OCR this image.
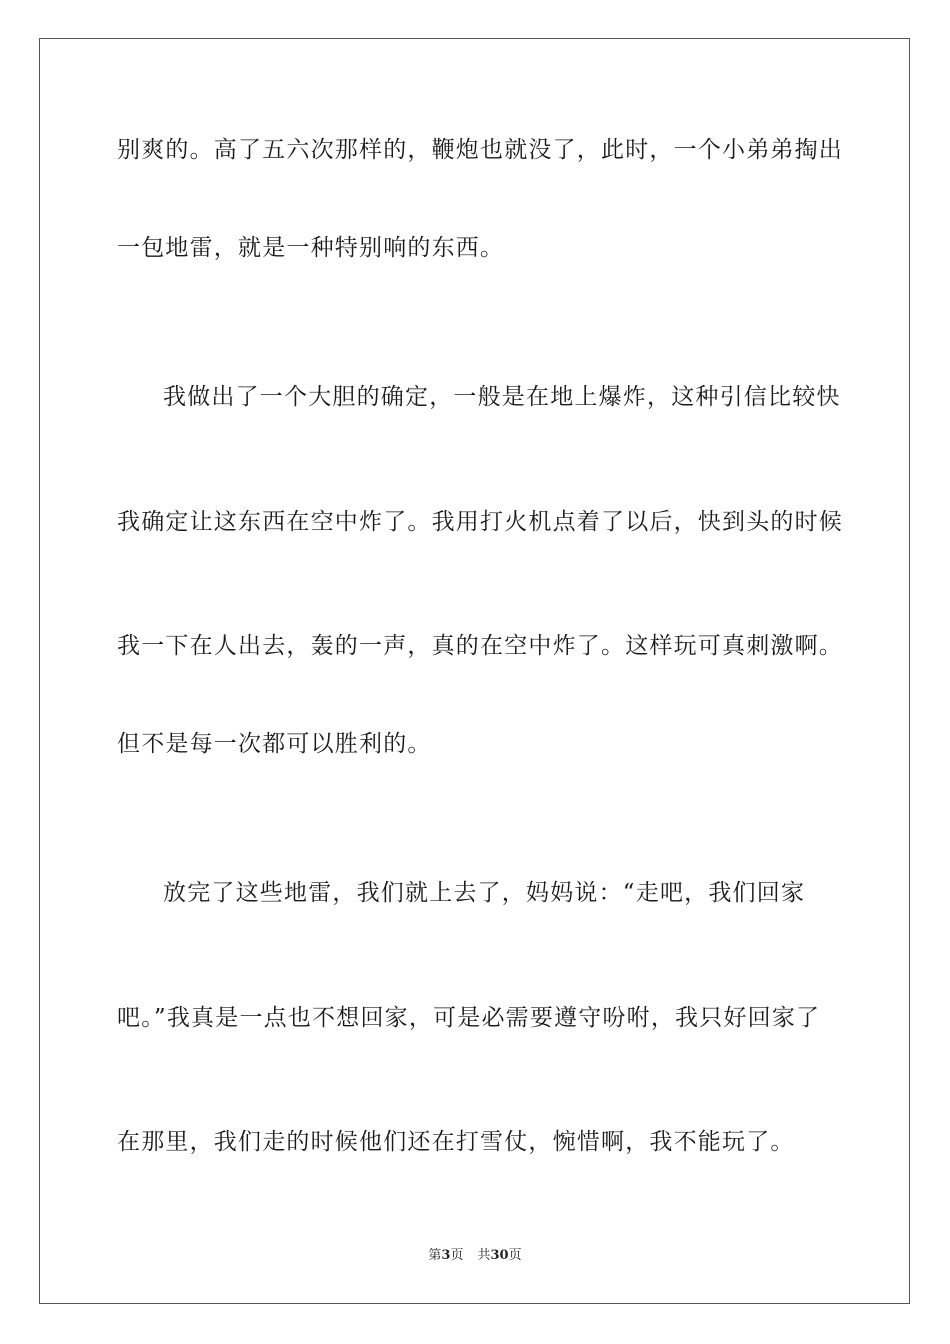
别爽的。高了五六次那样的，鞭炮也就没了，此时，一个小弟弟掏出
一包地雷，就是一种特别响的东西。
我做出了一个大胆的确定，一般是在地上爆炸，这种引信比较快
我确定让这东西在空中炸了。我用打火机点着了以后，快到头的时候
我一下在人出去，轰的一声，真的在空中炸了。这样玩可真刺激啊。
但不是每一次都可以胜利的。
放完了这些地雷，我们就上去了，妈妈说：“走吧，我们回家
吧。”我真是一点也不想回家，可是必需要遵守吩咐，我只好回家了
在那里，我们走的时候他们还在打雪仗，惋惜啊，我不能玩了。
第3页 共30页
